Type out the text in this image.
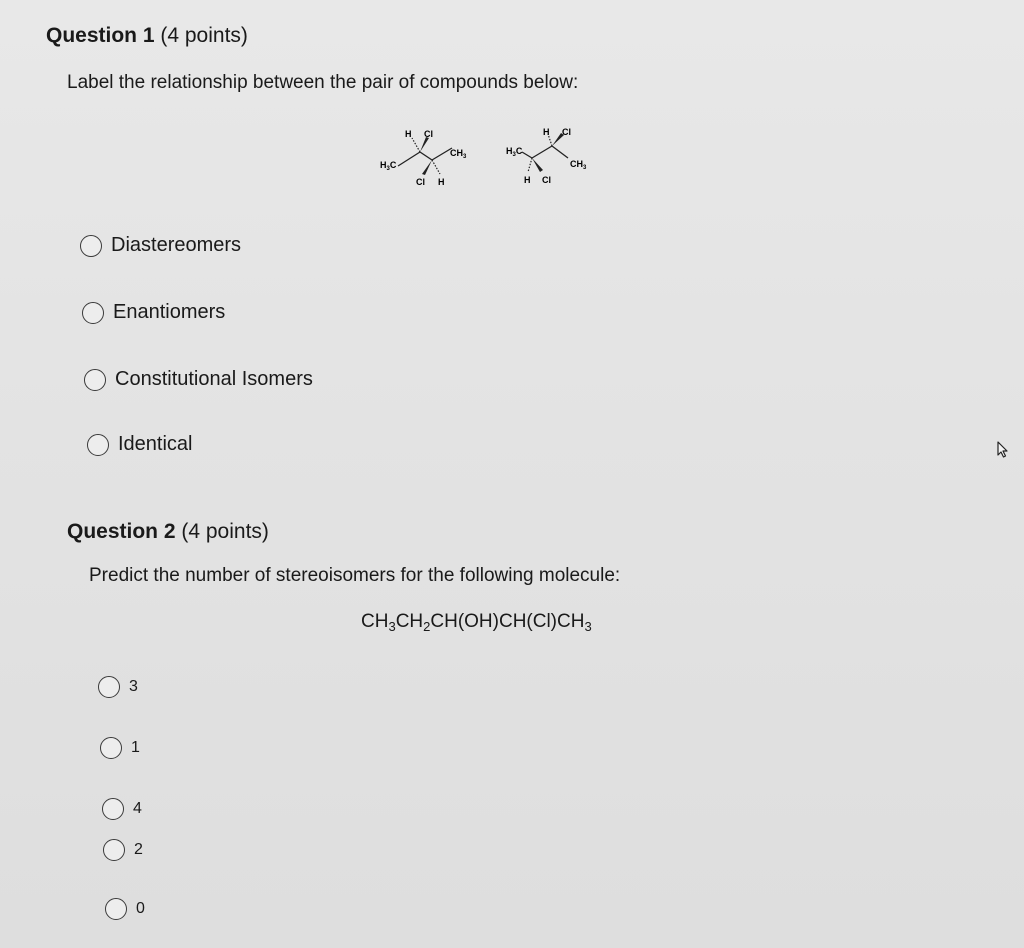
Question 1 (4 points)
Label the relationship between the pair of compounds below:
H Cl
$H_3C$
$CH_3$
Cl H
H Cl
$H_3C$
$CH_3$
H Cl
Diastereomers
Enantiomers
Constitutional Isomers
Identical
Question 2 (4 points)
Predict the number of stereoisomers for the following molecule:
$CH_3CH_2CH(OH)CH(Cl)CH_3$
3
1
4
2
0
